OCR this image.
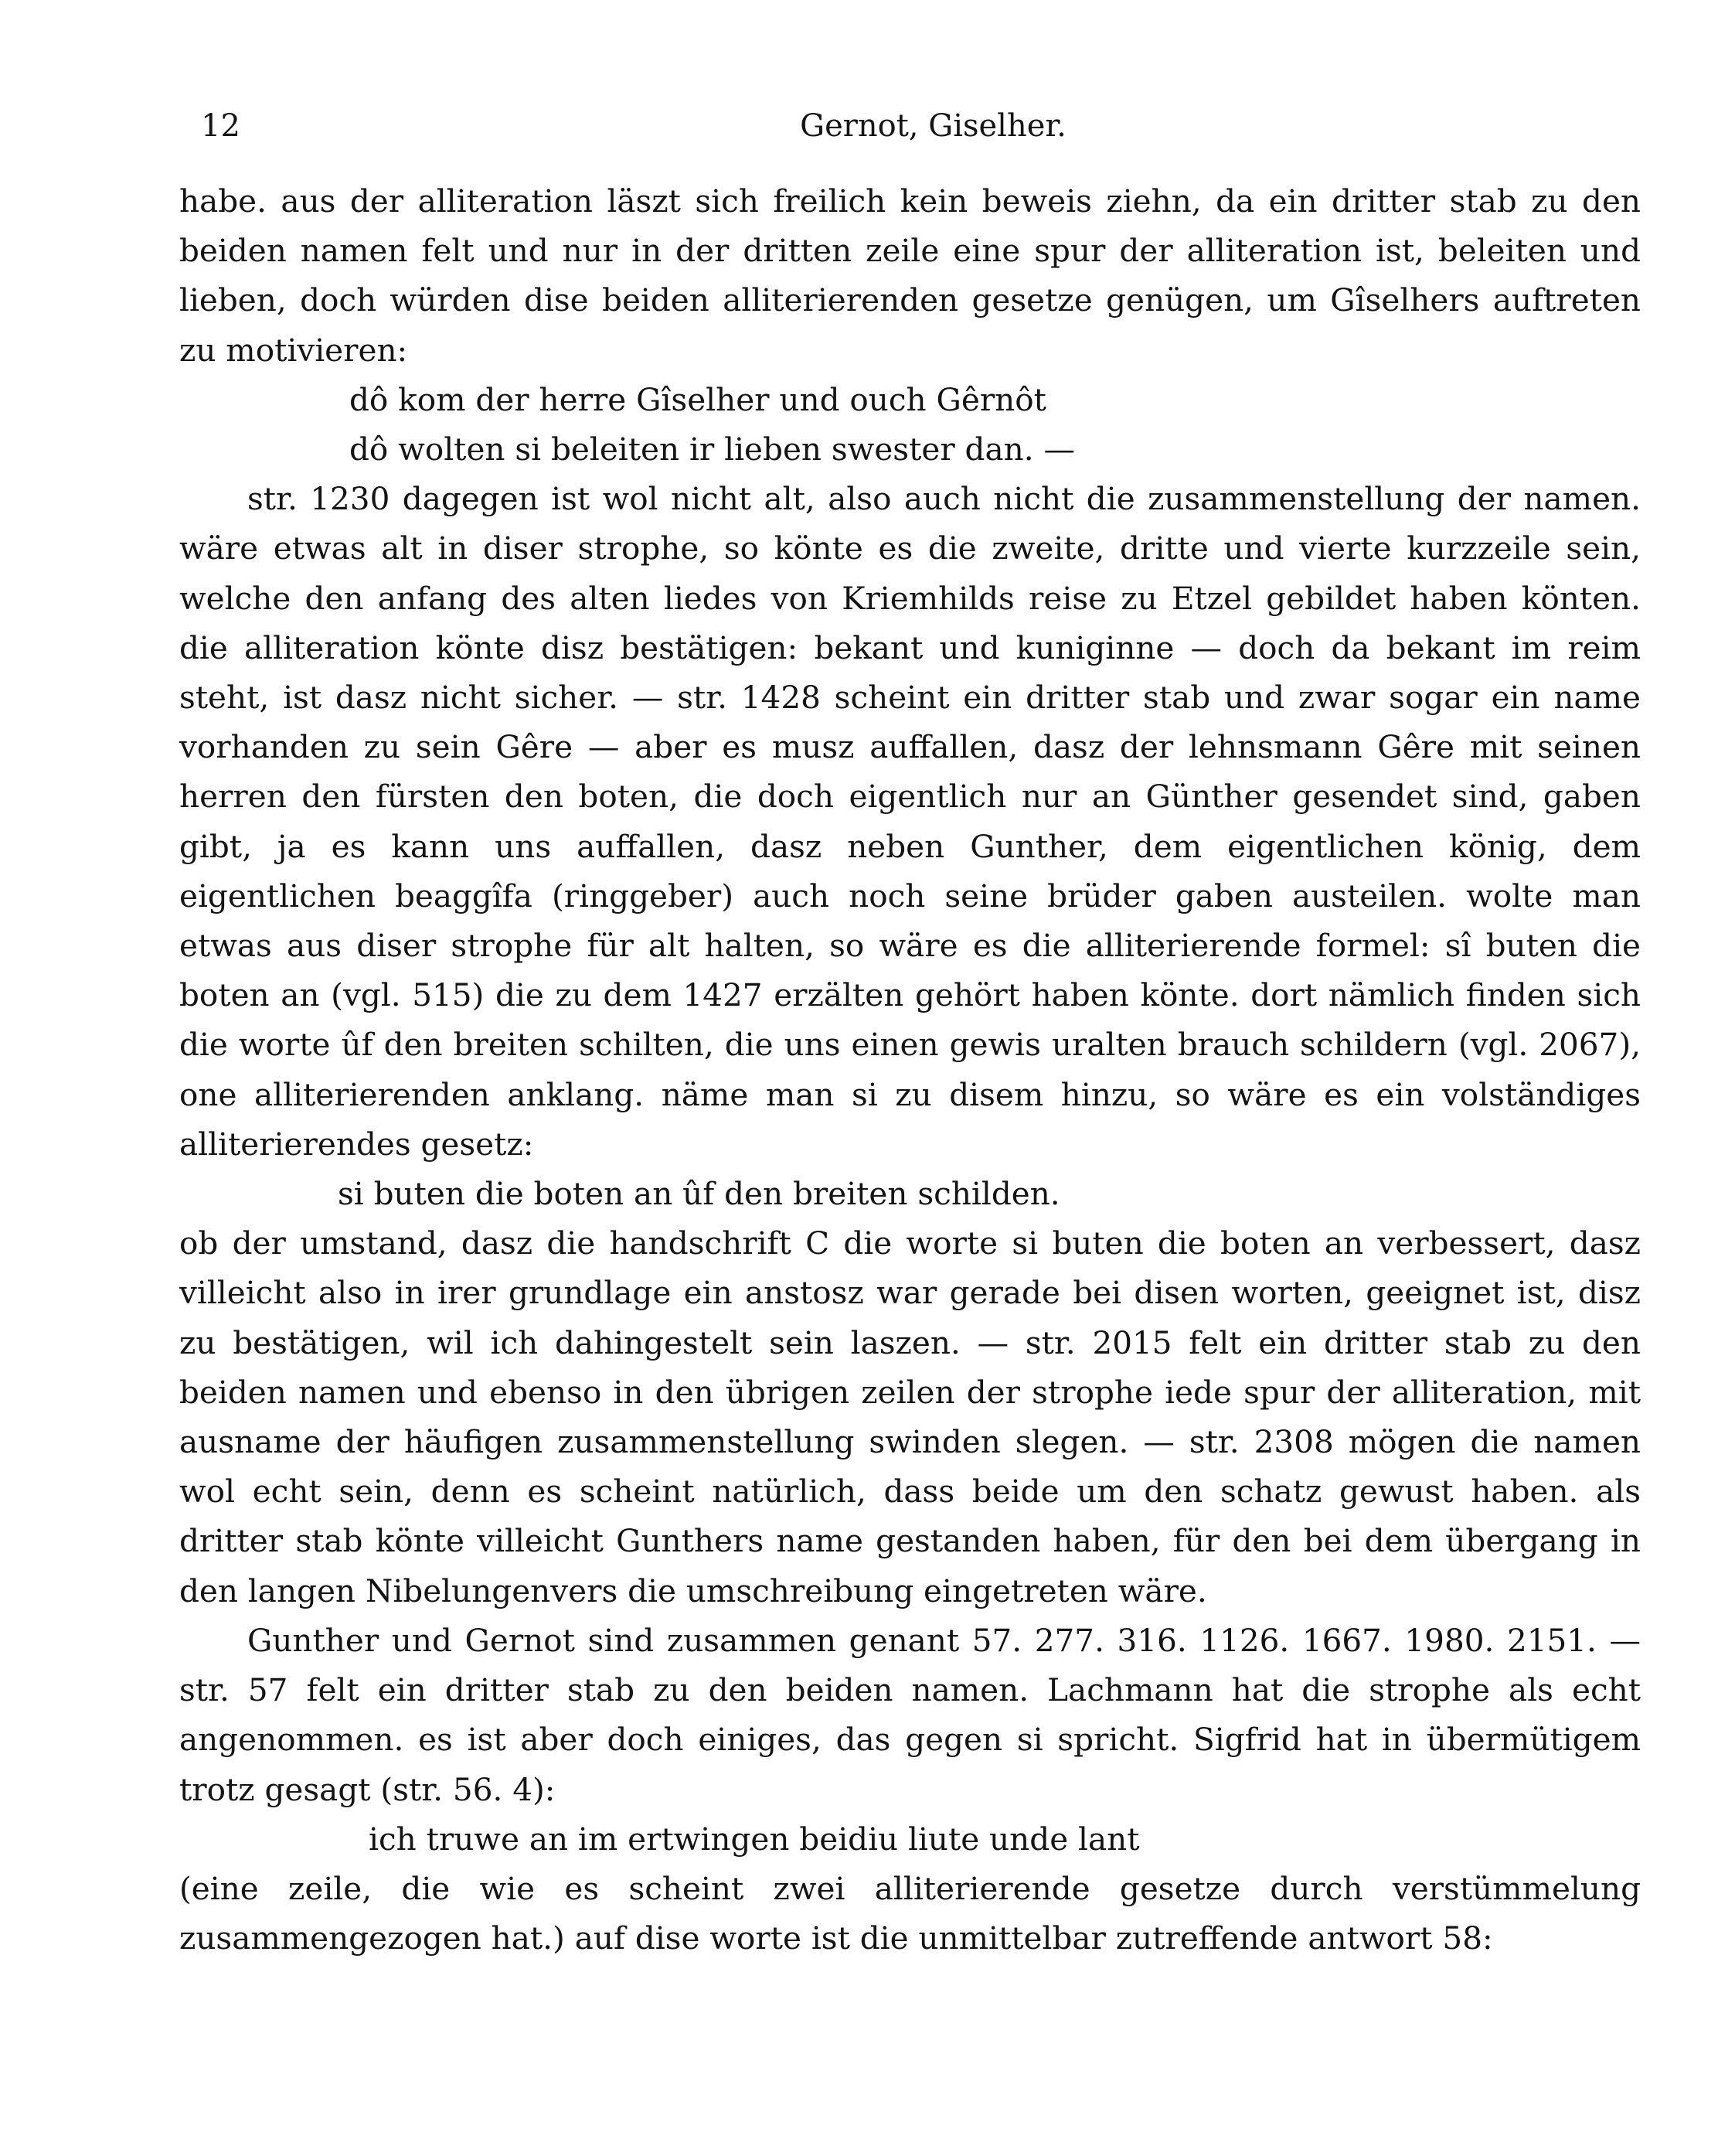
12	Gernot, Giselher.

habe. aus der alliteration läszt sich freilich kein beweis ziehn, da ein dritter stab zu den beiden namen felt und nur in der dritten zeile eine spur der alliteration ist, beleiten und lieben, doch würden dise beiden alliterierenden gesetze genügen, um Gîselhers auftreten zu motivieren:

dô kom der herre Gîselher und ouch Gêrnôt

dô wolten si beleiten ir lieben swester dan. —

str. 1230 dagegen ist wol nicht alt, also auch nicht die zusammenstellung der namen. wäre etwas alt in diser strophe, so könte es die zweite, dritte und vierte kurzzeile sein, welche den anfang des alten liedes von Kriemhilds reise zu Etzel gebildet haben könten. die alliteration könte disz bestätigen: bekant und kuniginne — doch da bekant im reim steht, ist dasz nicht sicher. — str. 1428 scheint ein dritter stab und zwar sogar ein name vorhanden zu sein Gêre — aber es musz auffallen, dasz der lehnsmann Gêre mit seinen herren den fürsten den boten, die doch eigentlich nur an Günther gesendet sind, gaben gibt, ja es kann uns auffallen, dasz neben Gunther, dem eigentlichen könig, dem eigentlichen beaggîfa (ringgeber) auch noch seine brüder gaben austeilen. wolte man etwas aus diser strophe für alt halten, so wäre es die alliterierende formel: sî buten die boten an (vgl. 515) die zu dem 1427 erzälten gehört haben könte. dort nämlich finden sich die worte ûf den breiten schilten, die uns einen gewis uralten brauch schildern (vgl. 2067), one alliterierenden anklang. näme man si zu disem hinzu, so wäre es ein volständiges alliterierendes gesetz:

si buten die boten an ûf den breiten schilden.

ob der umstand, dasz die handschrift C die worte si buten die boten an verbessert, dasz villeicht also in irer grundlage ein anstosz war gerade bei disen worten, geeignet ist, disz zu bestätigen, wil ich dahingestelt sein laszen. — str. 2015 felt ein dritter stab zu den beiden namen und ebenso in den übrigen zeilen der strophe iede spur der alliteration, mit ausname der häufigen zusammenstellung swinden slegen. — str. 2308 mögen die namen wol echt sein, denn es scheint natürlich, dass beide um den schatz gewust haben. als dritter stab könte villeicht Gunthers name gestanden haben, für den bei dem übergang in den langen Nibelungenvers die umschreibung eingetreten wäre.

Gunther und Gernot sind zusammen genant 57. 277. 316. 1126. 1667. 1980. 2151. — str. 57 felt ein dritter stab zu den beiden namen. Lachmann hat die strophe als echt angenommen. es ist aber doch einiges, das gegen si spricht. Sigfrid hat in übermütigem trotz gesagt (str. 56. 4):

ich truwe an im ertwingen beidiu liute unde lant

(eine zeile, die wie es scheint zwei alliterierende gesetze durch verstümmelung zusammengezogen hat.) auf dise worte ist die unmittelbar zutreffende antwort 58:
